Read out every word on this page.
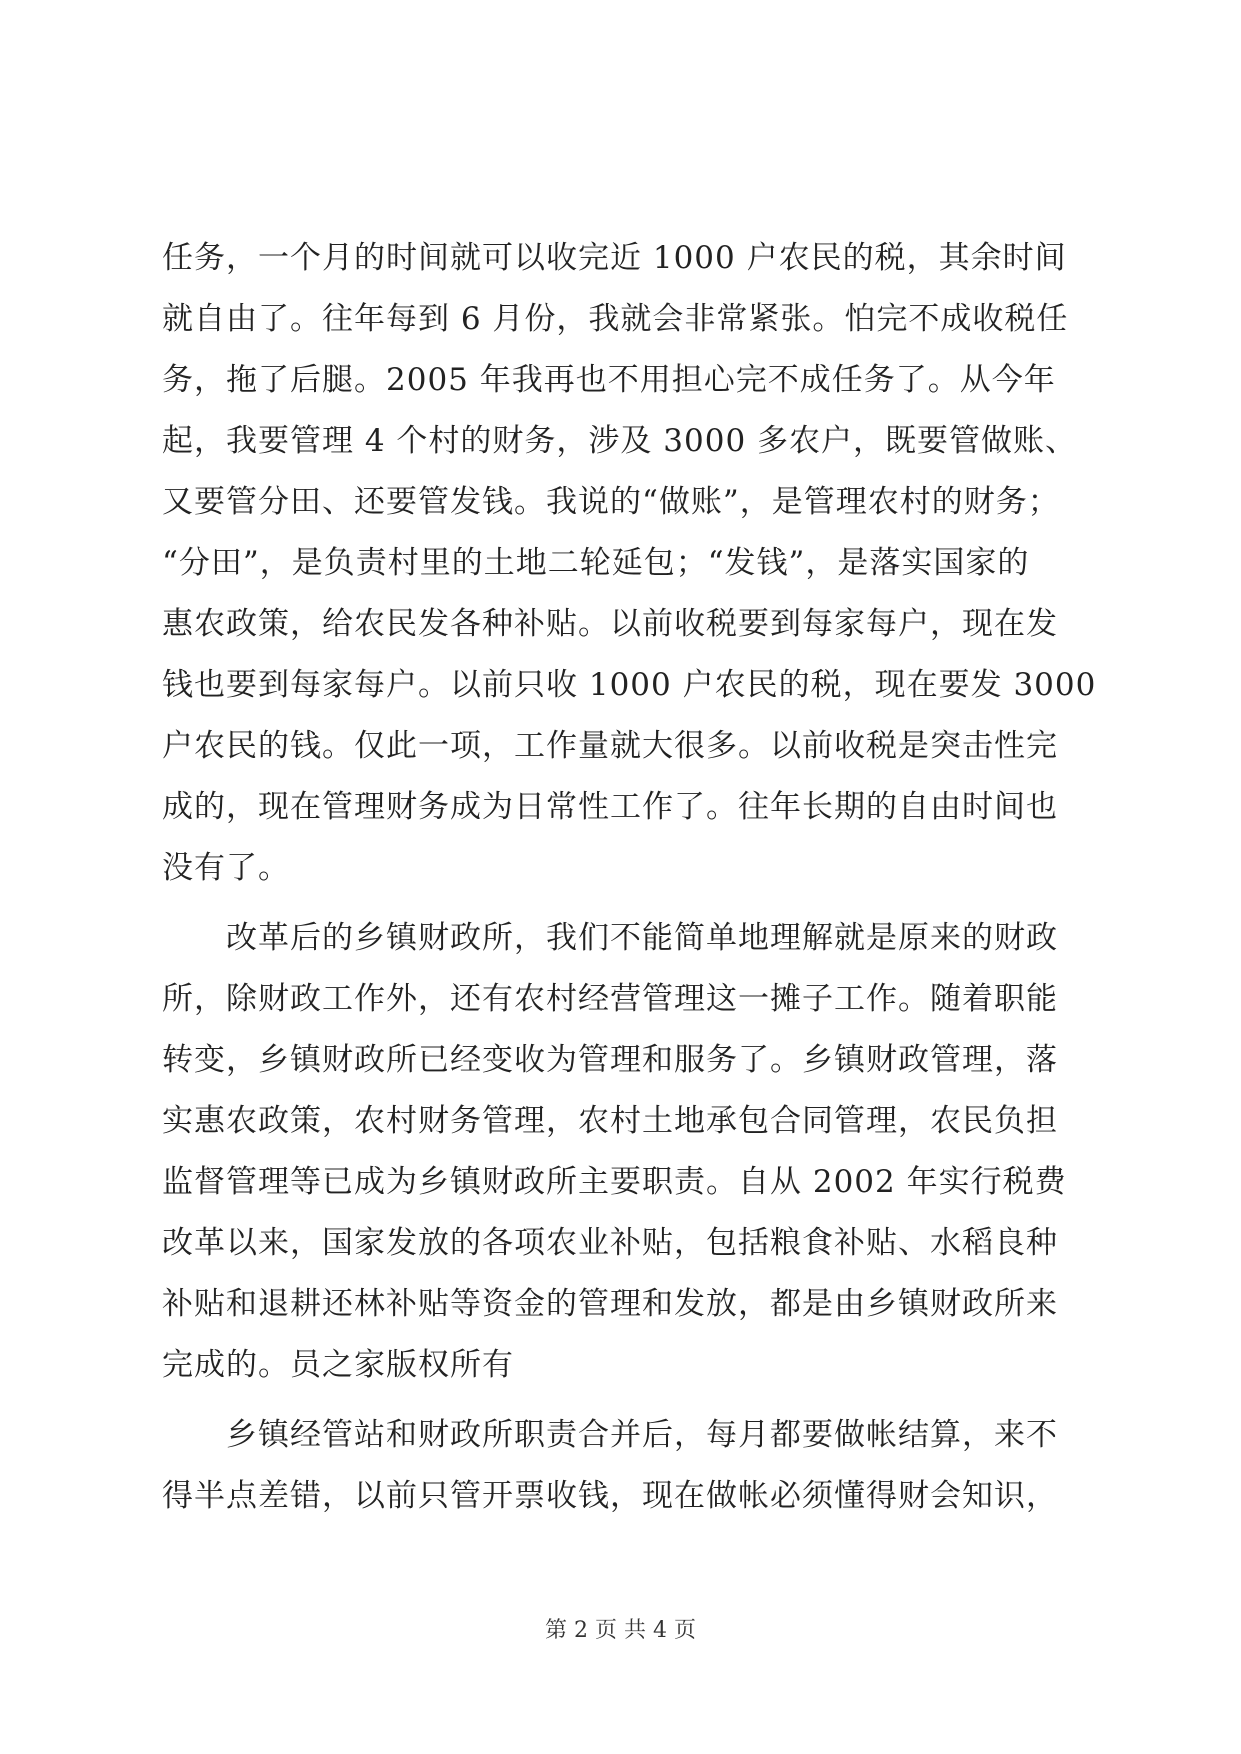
任务，一个月的时间就可以收完近 1000 户农民的税，其余时间
就自由了。往年每到 6 月份，我就会非常紧张。怕完不成收税任
务，拖了后腿。2005 年我再也不用担心完不成任务了。从今年
起，我要管理 4 个村的财务，涉及 3000 多农户，既要管做账、
又要管分田、还要管发钱。我说的“做账”，是管理农村的财务；
“分田”，是负责村里的土地二轮延包；“发钱”，是落实国家的
惠农政策，给农民发各种补贴。以前收税要到每家每户，现在发
钱也要到每家每户。以前只收 1000 户农民的税，现在要发 3000
户农民的钱。仅此一项，工作量就大很多。以前收税是突击性完
成的，现在管理财务成为日常性工作了。往年长期的自由时间也
没有了。
　　改革后的乡镇财政所，我们不能简单地理解就是原来的财政
所，除财政工作外，还有农村经营管理这一摊子工作。随着职能
转变，乡镇财政所已经变收为管理和服务了。乡镇财政管理，落
实惠农政策，农村财务管理，农村土地承包合同管理，农民负担
监督管理等已成为乡镇财政所主要职责。自从 2002 年实行税费
改革以来，国家发放的各项农业补贴，包括粮食补贴、水稻良种
补贴和退耕还林补贴等资金的管理和发放，都是由乡镇财政所来
完成的。员之家版权所有
　　乡镇经管站和财政所职责合并后，每月都要做帐结算，来不
得半点差错，以前只管开票收钱，现在做帐必须懂得财会知识，
第 2 页 共 4 页
